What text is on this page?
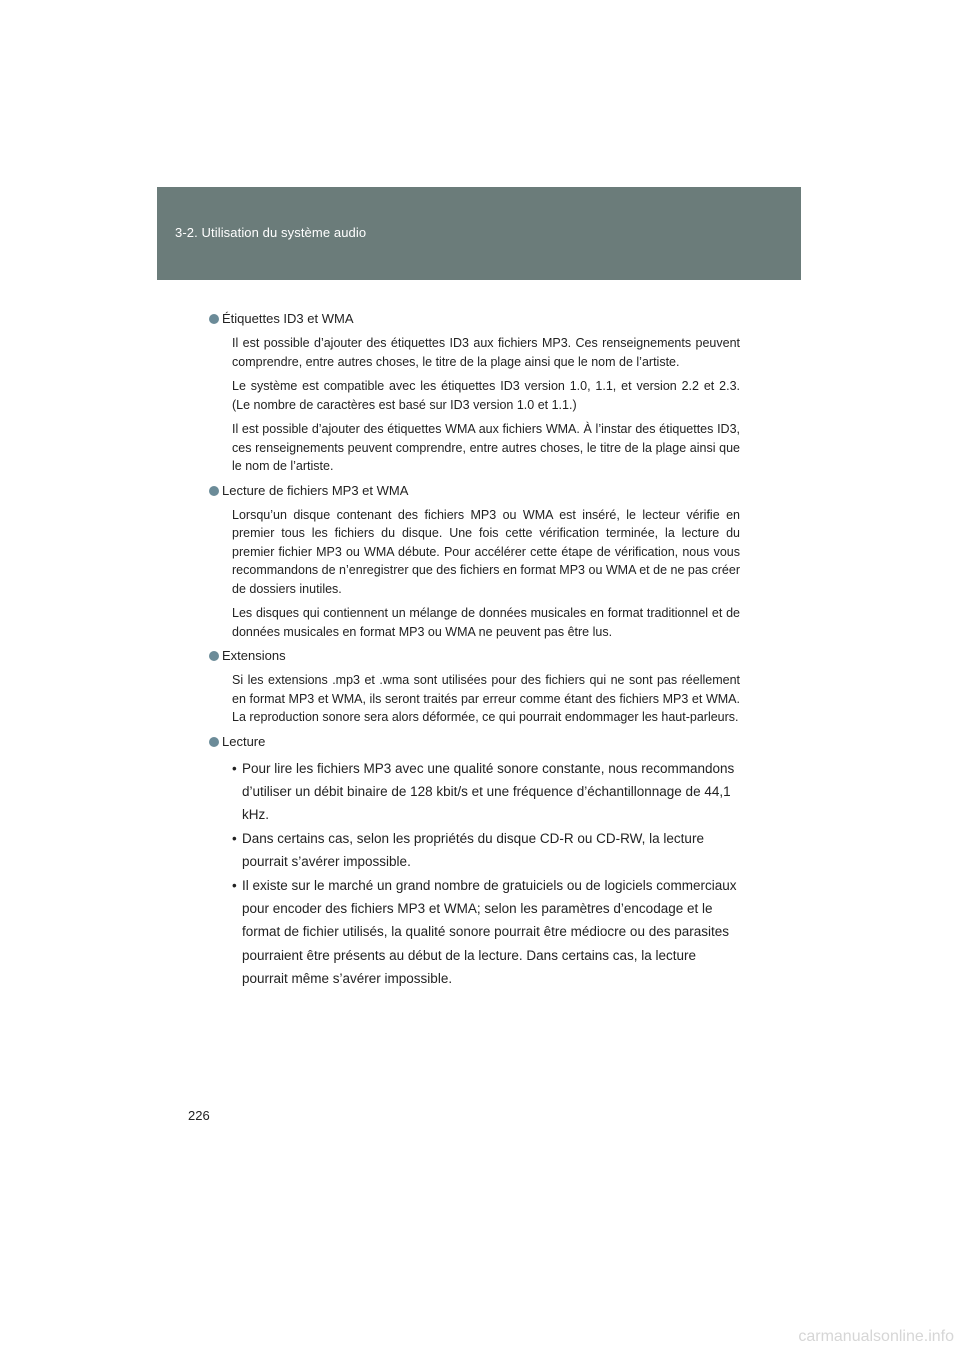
3-2. Utilisation du système audio
Étiquettes ID3 et WMA

Il est possible d’ajouter des étiquettes ID3 aux fichiers MP3. Ces renseignements peuvent comprendre, entre autres choses, le titre de la plage ainsi que le nom de l’artiste.

Le système est compatible avec les étiquettes ID3 version 1.0, 1.1, et version 2.2 et 2.3. (Le nombre de caractères est basé sur ID3 version 1.0 et 1.1.)

Il est possible d’ajouter des étiquettes WMA aux fichiers WMA. À l’instar des étiquettes ID3, ces renseignements peuvent comprendre, entre autres choses, le titre de la plage ainsi que le nom de l’artiste.

Lecture de fichiers MP3 et WMA

Lorsqu’un disque contenant des fichiers MP3 ou WMA est inséré, le lecteur vérifie en premier tous les fichiers du disque. Une fois cette vérification terminée, la lecture du premier fichier MP3 ou WMA débute. Pour accélérer cette étape de vérification, nous vous recommandons de n’enregistrer que des fichiers en format MP3 ou WMA et de ne pas créer de dossiers inutiles.

Les disques qui contiennent un mélange de données musicales en format traditionnel et de données musicales en format MP3 ou WMA ne peuvent pas être lus.

Extensions

Si les extensions .mp3 et .wma sont utilisées pour des fichiers qui ne sont pas réellement en format MP3 et WMA, ils seront traités par erreur comme étant des fichiers MP3 et WMA. La reproduction sonore sera alors déformée, ce qui pourrait endommager les haut-parleurs.

Lecture
• Pour lire les fichiers MP3 avec une qualité sonore constante, nous recommandons d’utiliser un débit binaire de 128 kbit/s et une fréquence d’échantillonnage de 44,1 kHz.
• Dans certains cas, selon les propriétés du disque CD-R ou CD-RW, la lecture pourrait s’avérer impossible.
• Il existe sur le marché un grand nombre de gratuiciels ou de logiciels commerciaux pour encoder des fichiers MP3 et WMA; selon les paramètres d’encodage et le format de fichier utilisés, la qualité sonore pourrait être médiocre ou des parasites pourraient être présents au début de la lecture. Dans certains cas, la lecture pourrait même s’avérer impossible.
226
carmanualsonline.info
